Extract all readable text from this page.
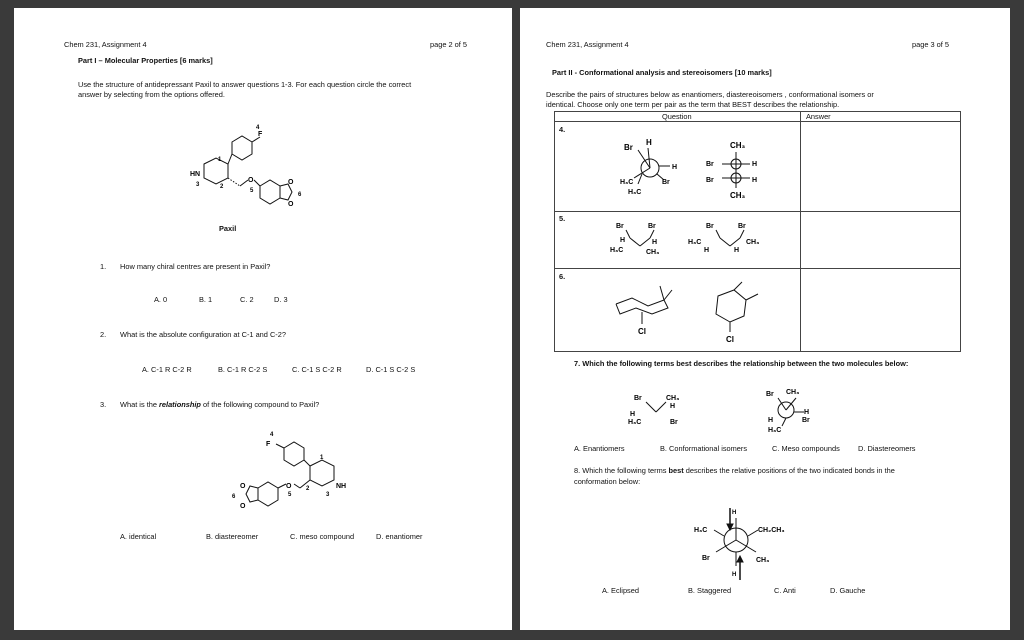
Chem 231, Assignment 4	page 2 of 5
Part I – Molecular Properties [6 marks]
Use the structure of antidepressant Paxil to answer questions 1-3. For each question circle the correct
answer by selecting from the options offered.
F
4
1
HN
3	2
O
5
O
O
6
Paxil
1. How many chiral centres are present in Paxil?
A. 0	B. 1	C. 2	D. 3
2. What is the absolute configuration at C-1 and C-2?
A. C-1 R C-2 R	B. C-1 R C-2 S	C. C-1 S C-2 R	D. C-1 S C-2 S
3. What is the relationship of the following compound to Paxil?
F
4
1
NH
3
2
O
5
O
O
6
A. identical	B. diastereomer	C. meso compound	D. enantiomer
Chem 231, Assignment 4	page 3 of 5
Part II - Conformational analysis and stereoisomers [10 marks]
Describe the pairs of structures below as enantiomers, diastereoisomers , conformational isomers or
identical. Choose only one term per pair as the term that BEST describes the relationship.
Question	Answer
4.
5.
6.
Br
H
H
Br
H₃C
H₃C
CH₃
Br	H
Br	H
CH₃
Br	Br
H	H
H₃C	CH₃
Br	Br
H₃C	CH₃
H	H
Cl
Cl
7. Which the following terms best describes the relationship between the two molecules below:
Br	CH₃
H
H
H₃C	Br
Br CH₃
H
Br
H
H₃C
A. Enantiomers	B. Conformational isomers	C. Meso compounds D. Diastereomers
8. Which the following terms best describes the relative positions of the two indicated bonds in the
conformation below:
H
H₃C	CH₂CH₃
Br	CH₃
H
A. Eclipsed	B. Staggered	C. Anti	D. Gauche
